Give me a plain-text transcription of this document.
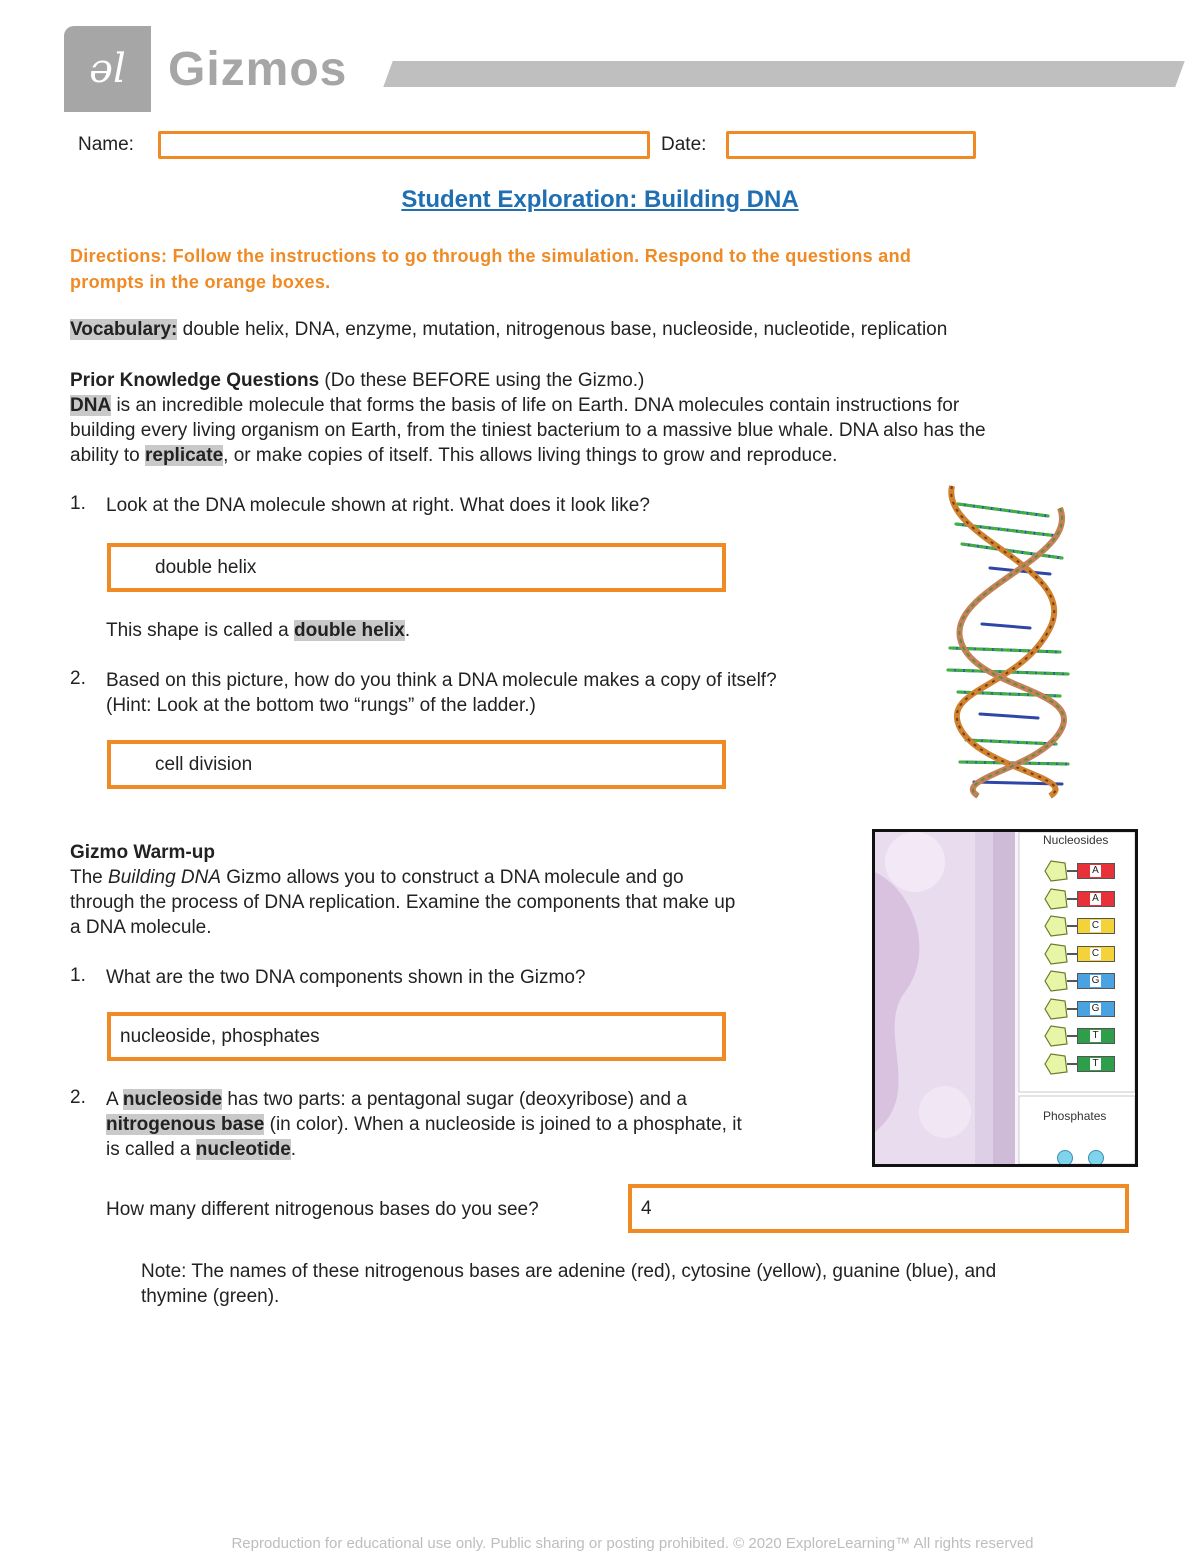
ǝl Gizmos
Name:	Date:
Student Exploration: Building DNA
Directions: Follow the instructions to go through the simulation. Respond to the questions and
prompts in the orange boxes.
Vocabulary: double helix, DNA, enzyme, mutation, nitrogenous base, nucleoside, nucleotide, replication
Prior Knowledge Questions (Do these BEFORE using the Gizmo.)
DNA is an incredible molecule that forms the basis of life on Earth. DNA molecules contain instructions for
building every living organism on Earth, from the tiniest bacterium to a massive blue whale. DNA also has the
ability to replicate, or make copies of itself. This allows living things to grow and reproduce.
1. Look at the DNA molecule shown at right. What does it look like?
double helix
This shape is called a double helix.
2. Based on this picture, how do you think a DNA molecule makes a copy of itself?
(Hint: Look at the bottom two “rungs” of the ladder.)
cell division
Gizmo Warm-up
The Building DNA Gizmo allows you to construct a DNA molecule and go
through the process of DNA replication. Examine the components that make up
a DNA molecule.
1. What are the two DNA components shown in the Gizmo?
nucleoside, phosphates
2. A nucleoside has two parts: a pentagonal sugar (deoxyribose) and a
nitrogenous base (in color). When a nucleoside is joined to a phosphate, it
is called a nucleotide.
How many different nitrogenous bases do you see?	4
Note: The names of these nitrogenous bases are adenine (red), cytosine (yellow), guanine (blue), and
thymine (green).
Nucleosides
A
A
C
C
G
G
T
T
Phosphates
Reproduction for educational use only. Public sharing or posting prohibited. © 2020 ExploreLearning™ All rights reserved
